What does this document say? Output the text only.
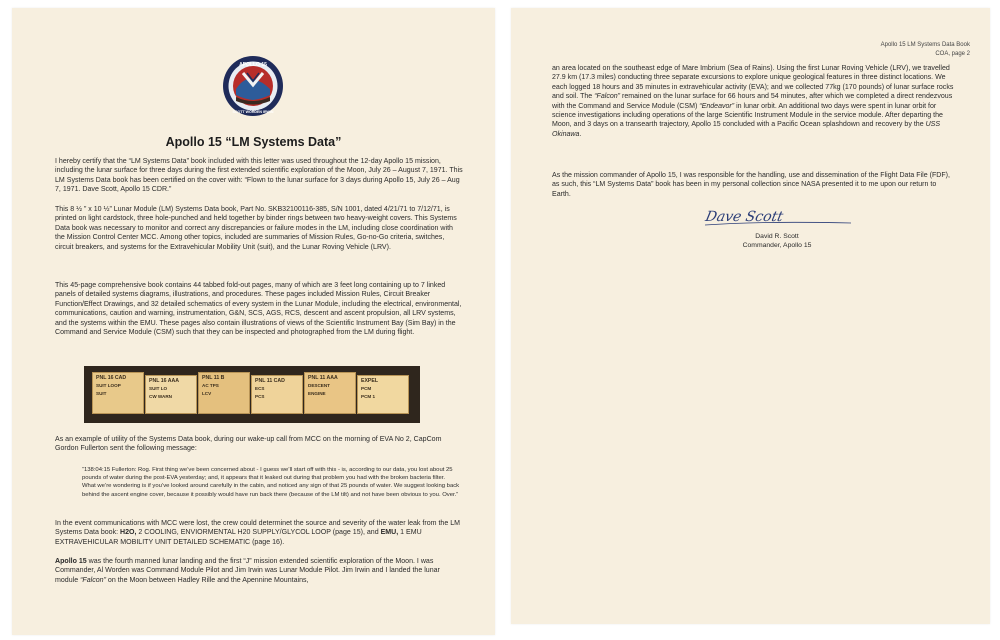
APOLLO 15
SCOTT WORDEN IRWIN
Apollo 15 “LM Systems Data”

I hereby certify that the “LM Systems Data” book included with this letter was used throughout the 12-day Apollo 15 mission, including the lunar surface for three days during the first extended scientific exploration of the Moon, July 26 – August 7, 1971. This LM Systems Data book has been certified on the cover with: “Flown to the lunar surface for 3 days during Apollo 15, July 26 – Aug 7, 1971. Dave Scott, Apollo 15 CDR.”

This 8 ½ ” x 10 ½” Lunar Module (LM) Systems Data book, Part No. SKB32100116-385, S/N 1001, dated 4/21/71 to 7/12/71, is printed on light cardstock, three hole-punched and held together by binder rings between two heavy-weight covers. This Systems Data book was necessary to monitor and correct any discrepancies or failure modes in the LM, including close coordination with the Mission Control Center MCC. Among other topics, included are summaries of Mission Rules, Go-no-Go criteria, switches, circuit breakers, and systems for the Extravehicular Mobility Unit (suit), and the Lunar Roving Vehicle (LRV).

This 45-page comprehensive book contains 44 tabbed fold-out pages, many of which are 3 feet long containing up to 7 linked panels of detailed systems diagrams, illustrations, and procedures. These pages included Mission Rules, Circuit Breaker Function/Effect Drawings, and 32 detailed schematics of every system in the Lunar Module, including the electrical, environmental, communications, caution and warning, instrumentation, G&N, SCS, AGS, RCS, descent and ascent propulsion, all LRV systems, and the systems within the EMU. These pages also contain illustrations of views of the Scientific Instrument Bay (Sim Bay) in the Command and Service Module (CSM) such that they can be inspected and photographed from the LM during flight.

PNL 16 CAD
SUIT LOOP
SUIT
PNL 16 AAA
SUIT LO
CW WARN
PNL 11 B
AC TPS
LCV
PNL 11 CAD
ECS
PCS
PNL 11 AAA
DESCENT
ENGINE
EXPEL
PCM
PCM 1

As an example of utility of the Systems Data book, during our wake-up call from MCC on the morning of EVA No 2, CapCom Gordon Fullerton sent the following message:

“138:04:15 Fullerton: Rog. First thing we’ve been concerned about - I guess we’ll start off with this - is, according to our data, you lost about 25 pounds of water during the post-EVA yesterday; and, it appears that it leaked out during that problem you had with the broken bacteria filter. What we’re wondering is if you’ve looked around carefully in the cabin, and noticed any sign of that 25 pounds of water. We suggest looking back behind the ascent engine cover, because it possibly would have run back there (because of the LM tilt) and not have been obvious to you. Over.”

In the event communications with MCC were lost, the crew could determinet the source and severity of the water leak from the LM Systems Data book: H2O, 2 COOLING, ENVIORMENTAL H20 SUPPLY/GLYCOL LOOP (page 15), and EMU, 1 EMU EXTRAVEHICULAR MOBILITY UNIT DETAILED SCHEMATIC (page 16).

Apollo 15 was the fourth manned lunar landing and the first “J” mission extended scientific exploration of the Moon. I was Commander, Al Worden was Command Module Pilot and Jim Irwin was Lunar Module Pilot. Jim Irwin and I landed the lunar module “Falcon” on the Moon between Hadley Rille and the Apennine Mountains,

Apollo 15 LM Systems Data Book
COA, page 2

an area located on the southeast edge of Mare Imbrium (Sea of Rains). Using the first Lunar Roving Vehicle (LRV), we travelled 27.9 km (17.3 miles) conducting three separate excursions to explore unique geological features in three distinct locations. We each logged 18 hours and 35 minutes in extravehicular activity (EVA); and we collected 77kg (170 pounds) of lunar surface rocks and soil. The “Falcon” remained on the lunar surface for 66 hours and 54 minutes, after which we completed a direct rendezvous with the Command and Service Module (CSM) “Endeavor” in lunar orbit. An additional two days were spent in lunar orbit for science investigations including operations of the large Scientific Instrument Module in the service module. After departing the Moon, and 3 days on a transearth trajectory, Apollo 15 concluded with a Pacific Ocean splashdown and recovery by the USS Okinawa.

As the mission commander of Apollo 15, I was responsible for the handling, use and dissemination of the Flight Data File (FDF), as such, this “LM Systems Data” book has been in my personal collection since NASA presented it to me upon our return to Earth.

Dave Scott
David R. Scott
Commander, Apollo 15
